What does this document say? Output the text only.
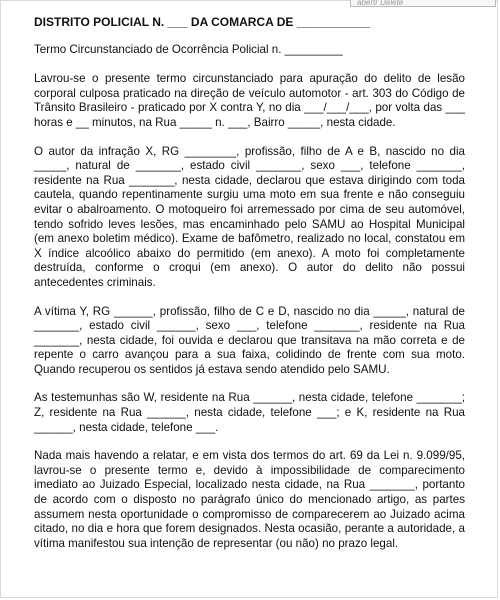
abertr Delete
DISTRITO POLICIAL N. ___ DA COMARCA DE ___________
Termo Circunstanciado de Ocorrência Policial n. _________

Lavrou-se o presente termo circunstanciado para apuração do delito de lesão corporal culposa praticado na direção de veículo automotor - art. 303 do Código de Trânsito Brasileiro - praticado por X contra Y, no dia ___/___/___, por volta das ___ horas e __ minutos, na Rua _____ n. ___, Bairro _____, nesta cidade.

O autor da infração X, RG ________, profissão, filho de A e B, nascido no dia _____, natural de _______, estado civil _______, sexo ___, telefone _______, residente na Rua _______, nesta cidade, declarou que estava dirigindo com toda cautela, quando repentinamente surgiu uma moto em sua frente e não conseguiu evitar o abalroamento. O motoqueiro foi arremessado por cima de seu automóvel, tendo sofrido leves lesões, mas encaminhado pelo SAMU ao Hospital Municipal (em anexo boletim médico). Exame de bafômetro, realizado no local, constatou em X índice alcoólico abaixo do permitido (em anexo). A moto foi completamente destruída, conforme o croqui (em anexo). O autor do delito não possui antecedentes criminais.

A vítima Y, RG ______, profissão, filho de C e D, nascido no dia _____, natural de _______, estado civil ______, sexo ___, telefone _______, residente na Rua _______, nesta cidade, foi ouvida e declarou que transitava na mão correta e de repente o carro avançou para a sua faixa, colidindo de frente com sua moto. Quando recuperou os sentidos já estava sendo atendido pelo SAMU.

As testemunhas são W, residente na Rua ______, nesta cidade, telefone _______; Z, residente na Rua ______, nesta cidade, telefone ___; e K, residente na Rua ______, nesta cidade, telefone ___.

Nada mais havendo a relatar, e em vista dos termos do art. 69 da Lei n. 9.099/95, lavrou-se o presente termo e, devido à impossibilidade de comparecimento imediato ao Juizado Especial, localizado nesta cidade, na Rua _______, portanto de acordo com o disposto no parágrafo único do mencionado artigo, as partes assumem nesta oportunidade o compromisso de comparecerem ao Juizado acima citado, no dia e hora que forem designados. Nesta ocasião, perante a autoridade, a vítima manifestou sua intenção de representar (ou não) no prazo legal.
